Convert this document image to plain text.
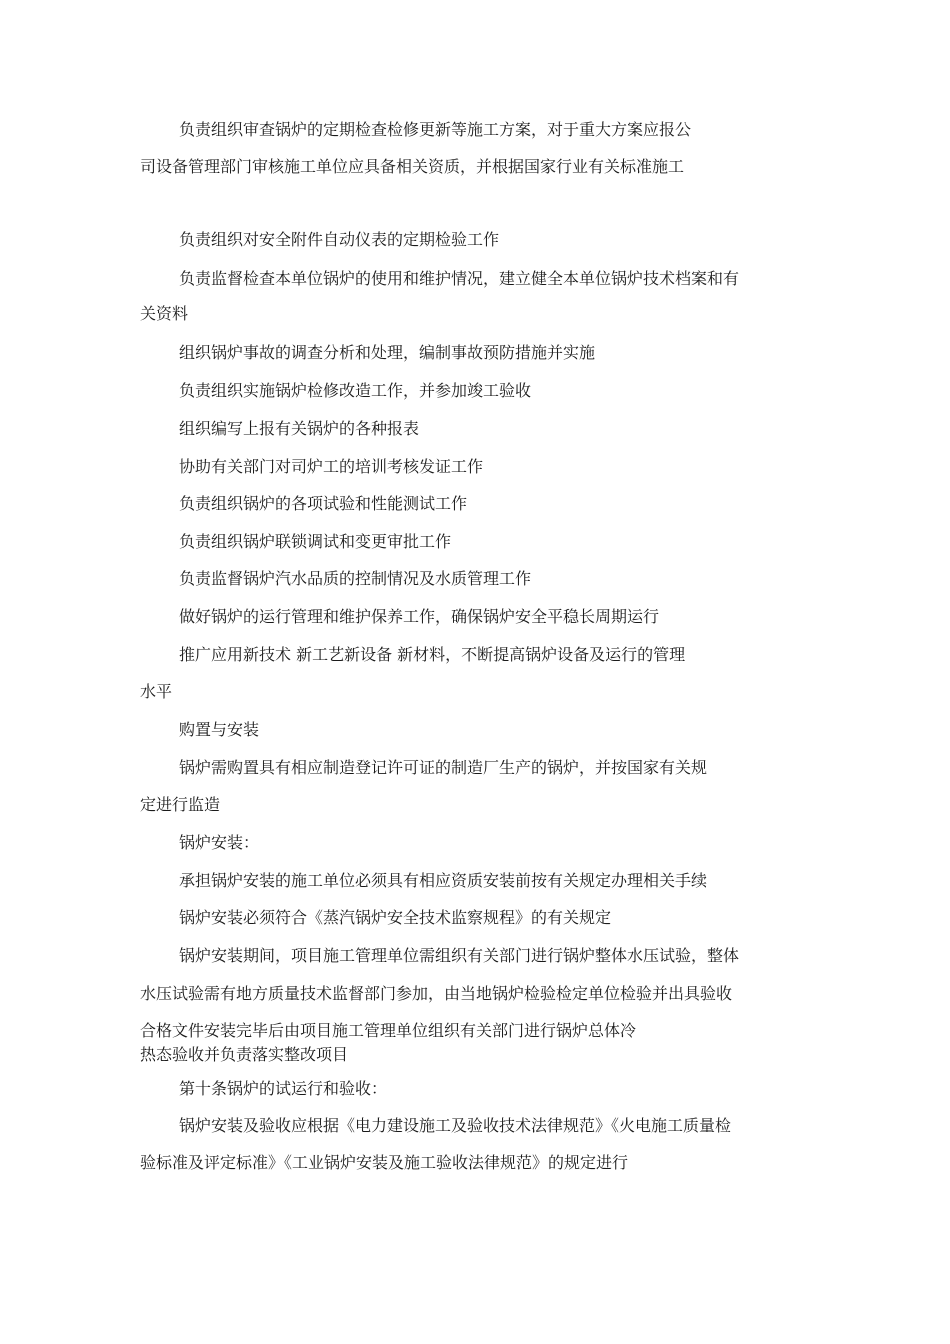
负责组织审查锅炉的定期检查检修更新等施工方案，对于重大方案应报公

司设备管理部门审核施工单位应具备相关资质，并根据国家行业有关标准施工

负责组织对安全附件自动仪表的定期检验工作

负责监督检查本单位锅炉的使用和维护情况，建立健全本单位锅炉技术档案和有

关资料

组织锅炉事故的调查分析和处理，编制事故预防措施并实施

负责组织实施锅炉检修改造工作，并参加竣工验收

组织编写上报有关锅炉的各种报表

协助有关部门对司炉工的培训考核发证工作

负责组织锅炉的各项试验和性能测试工作

负责组织锅炉联锁调试和变更审批工作

负责监督锅炉汽水品质的控制情况及水质管理工作

做好锅炉的运行管理和维护保养工作，确保锅炉安全平稳长周期运行

推广应用新技术 新工艺新设备 新材料，不断提高锅炉设备及运行的管理

水平

购置与安装

锅炉需购置具有相应制造登记许可证的制造厂生产的锅炉，并按国家有关规

定进行监造

锅炉安装：

承担锅炉安装的施工单位必须具有相应资质安装前按有关规定办理相关手续

锅炉安装必须符合《蒸汽锅炉安全技术监察规程》的有关规定

锅炉安装期间，项目施工管理单位需组织有关部门进行锅炉整体水压试验，整体

水压试验需有地方质量技术监督部门参加，由当地锅炉检验检定单位检验并出具验收

合格文件安装完毕后由项目施工管理单位组织有关部门进行锅炉总体冷

热态验收并负责落实整改项目

第十条锅炉的试运行和验收：

锅炉安装及验收应根据《电力建设施工及验收技术法律规范》《火电施工质量检

验标准及评定标准》《工业锅炉安装及施工验收法律规范》的规定进行
